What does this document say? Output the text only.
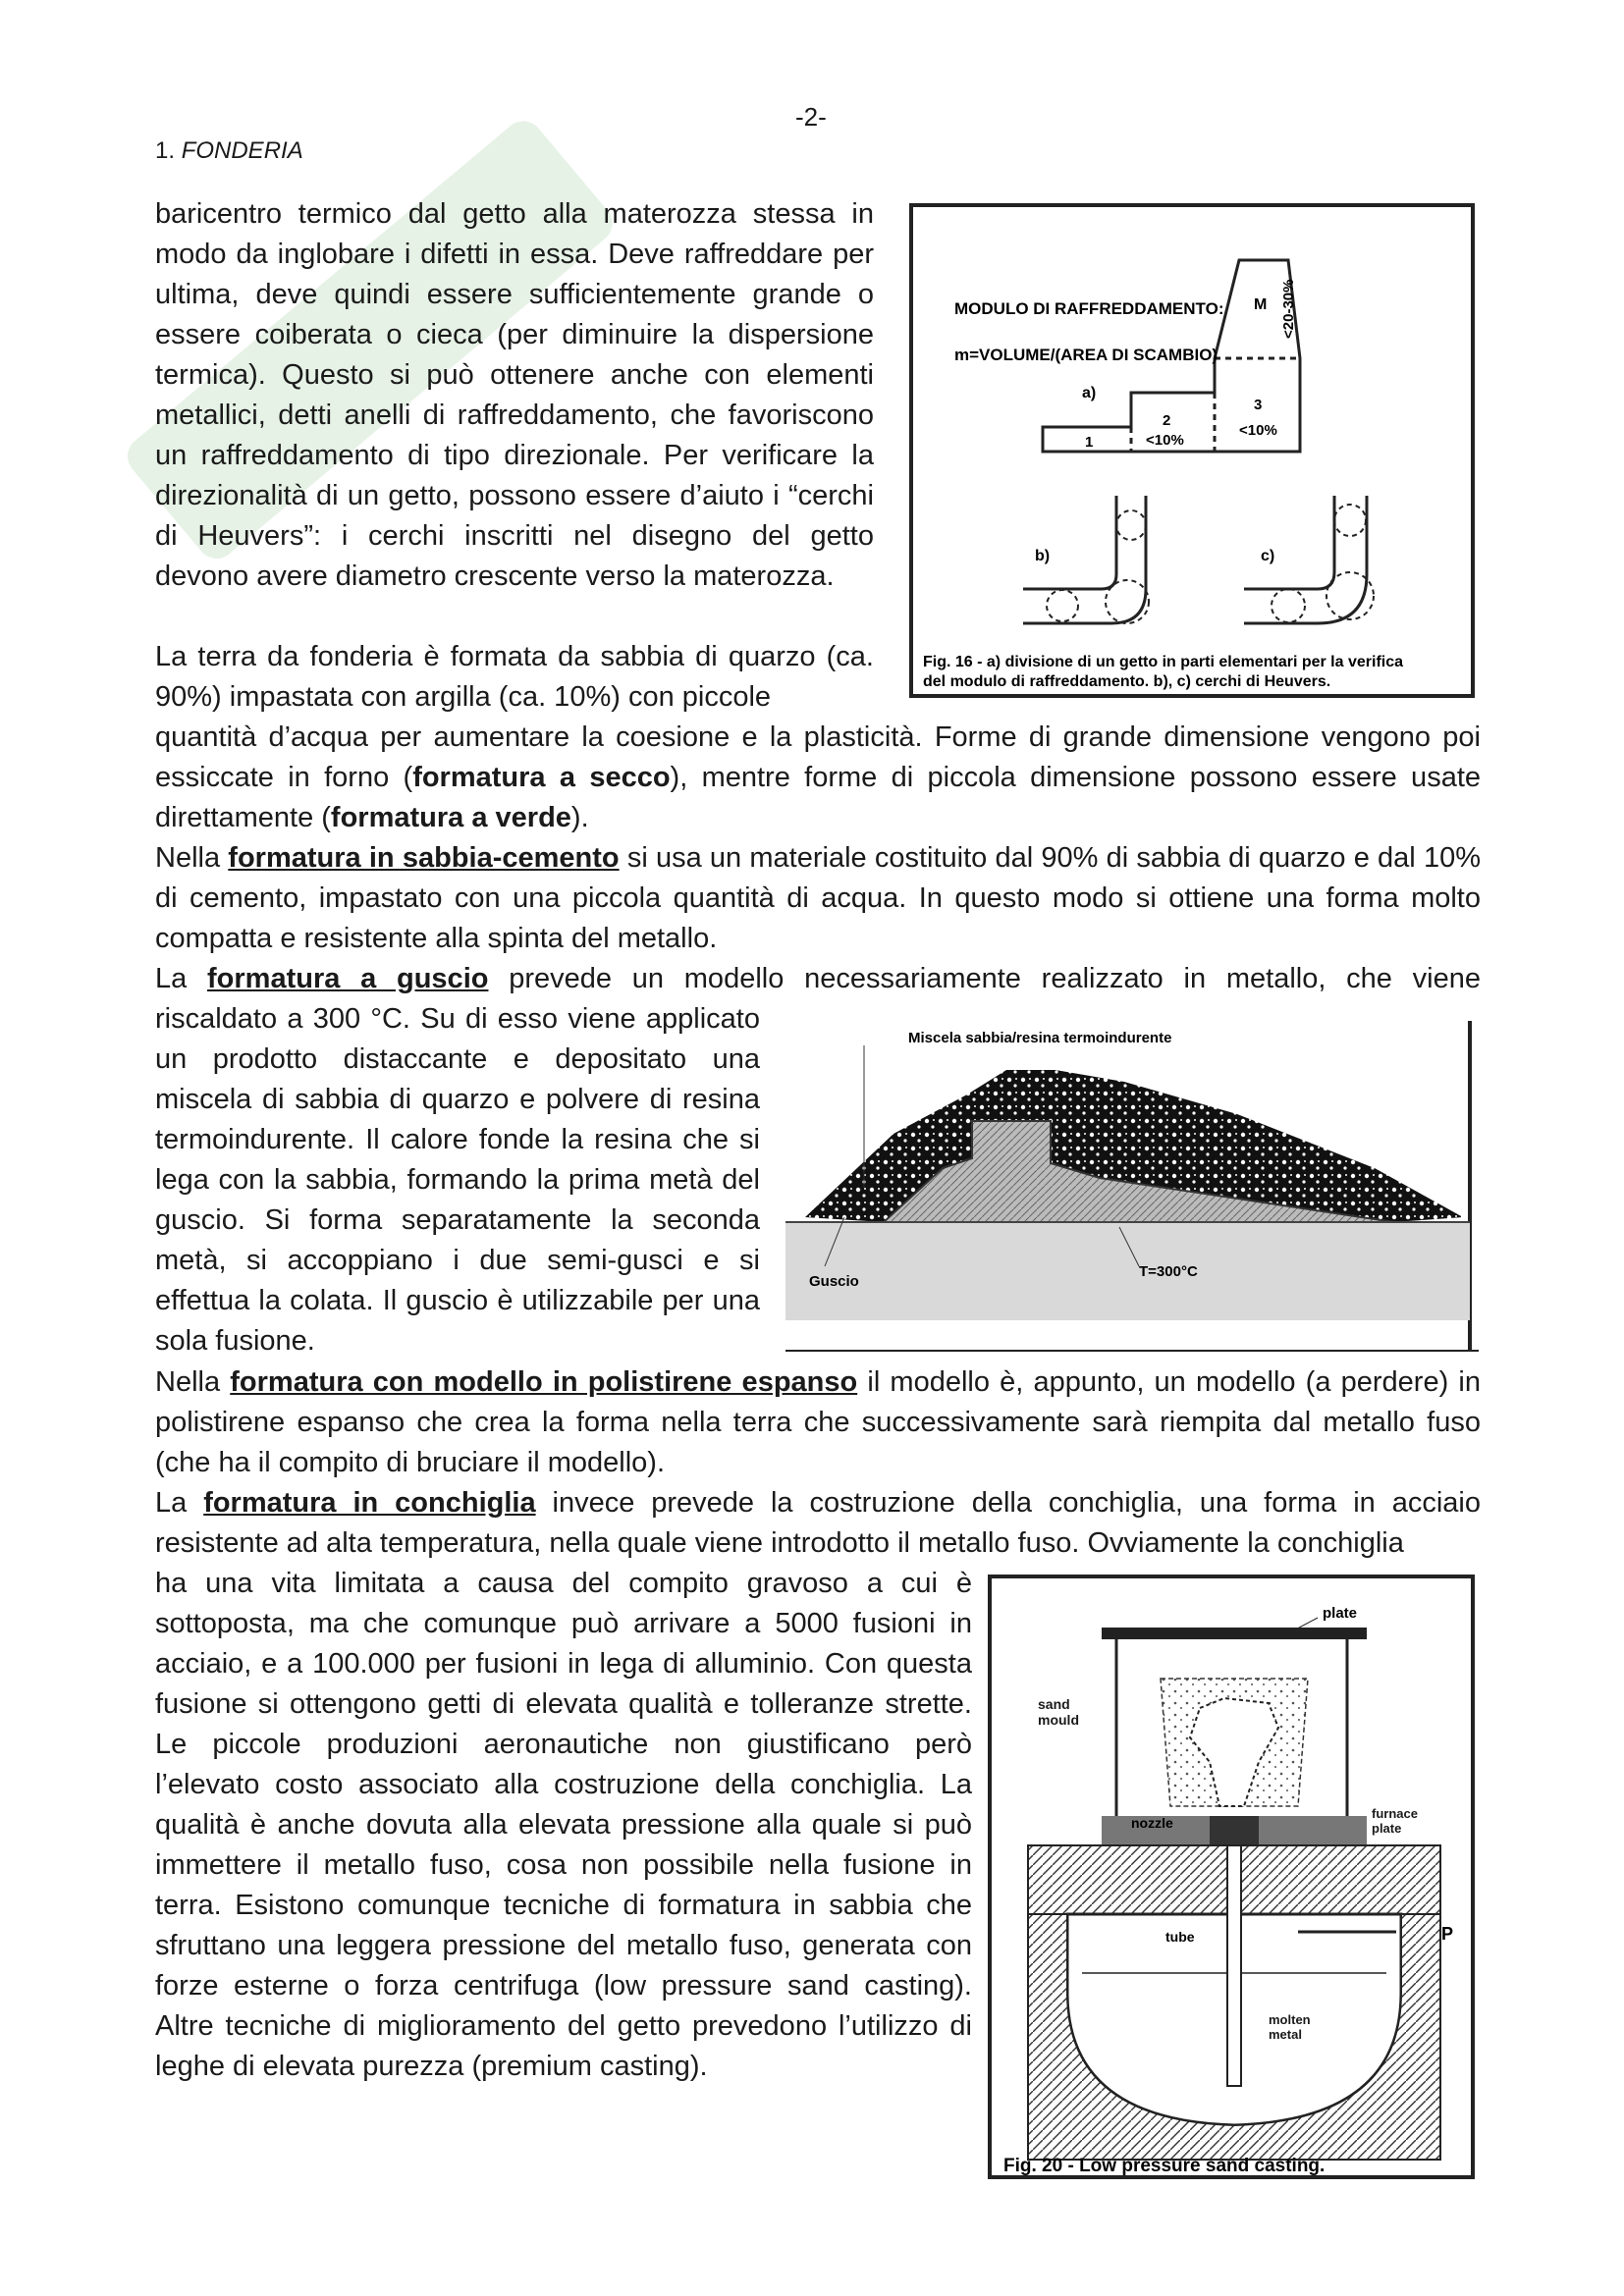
-2-
1. FONDERIA

baricentro termico dal getto alla materozza stessa in modo da inglobare i difetti in essa. Deve raffreddare per ultima, deve quindi essere sufficientemente grande o essere coiberata o cieca (per diminuire la dispersione termica). Questo si può ottenere anche con elementi metallici, detti anelli di raffreddamento, che favoriscono un raffreddamento di tipo direzionale. Per verificare la direzionalità di un getto, possono essere d’aiuto i “cerchi di Heuvers”: i cerchi inscritti nel disegno del getto devono avere diametro crescente verso la materozza.

La terra da fonderia è formata da sabbia di quarzo (ca. 90%) impastata con argilla (ca. 10%) con piccole

quantità d’acqua per aumentare la coesione e la plasticità. Forme di grande dimensione vengono poi essiccate in forno (formatura a secco), mentre forme di piccola dimensione possono essere usate direttamente (formatura a verde).

Nella formatura in sabbia-cemento si usa un materiale costituito dal 90% di sabbia di quarzo e dal 10% di cemento, impastato con una piccola quantità di acqua. In questo modo si ottiene una forma molto compatta e resistente alla spinta del metallo.

La formatura a guscio prevede un modello necessariamente realizzato in metallo, che viene

riscaldato a 300 °C. Su di esso viene applicato un prodotto distaccante e depositato una miscela di sabbia di quarzo e polvere di resina termoindurente. Il calore fonde la resina che si lega con la sabbia, formando la prima metà del guscio. Si forma separatamente la seconda metà, si accoppiano i due semi-gusci e si effettua la colata. Il guscio è utilizzabile per una sola fusione.

Nella formatura con modello in polistirene espanso il modello è, appunto, un modello (a perdere) in polistirene espanso che crea la forma nella terra che successivamente sarà riempita dal metallo fuso (che ha il compito di bruciare il modello).

La formatura in conchiglia invece prevede la costruzione della conchiglia, una forma in acciaio resistente ad alta temperatura, nella quale viene introdotto il metallo fuso. Ovviamente la conchiglia

ha una vita limitata a causa del compito gravoso a cui è sottoposta, ma che comunque può arrivare a 5000 fusioni in acciaio, e a 100.000 per fusioni in lega di alluminio. Con questa fusione si ottengono getti di elevata qualità e tolleranze strette. Le piccole produzioni aeronautiche non giustificano però l’elevato costo associato alla costruzione della conchiglia. La qualità è anche dovuta alla elevata pressione alla quale si può immettere il metallo fuso, cosa non possibile nella fusione in terra. Esistono comunque tecniche di formatura in sabbia che sfruttano una leggera pressione del metallo fuso, generata con forze esterne o forza centrifuga (low pressure sand casting). Altre tecniche di miglioramento del getto prevedono l’utilizzo di leghe di elevata purezza (premium casting).

MODULO DI RAFFREDDAMENTO:
m=VOLUME/(AREA DI SCAMBIO)
a)
M <20-30%
1
2
<10%
3
<10%
b)	c)
Fig. 16 - a) divisione di un getto in parti elementari per la verifica
del modulo di raffreddamento. b), c) cerchi di Heuvers.
Miscela sabbia/resina termoindurente
Guscio
T=300°C
plate
sand mould
nozzle
furnace plate
tube	P
molten metal
Fig. 20 - Low pressure sand casting.
